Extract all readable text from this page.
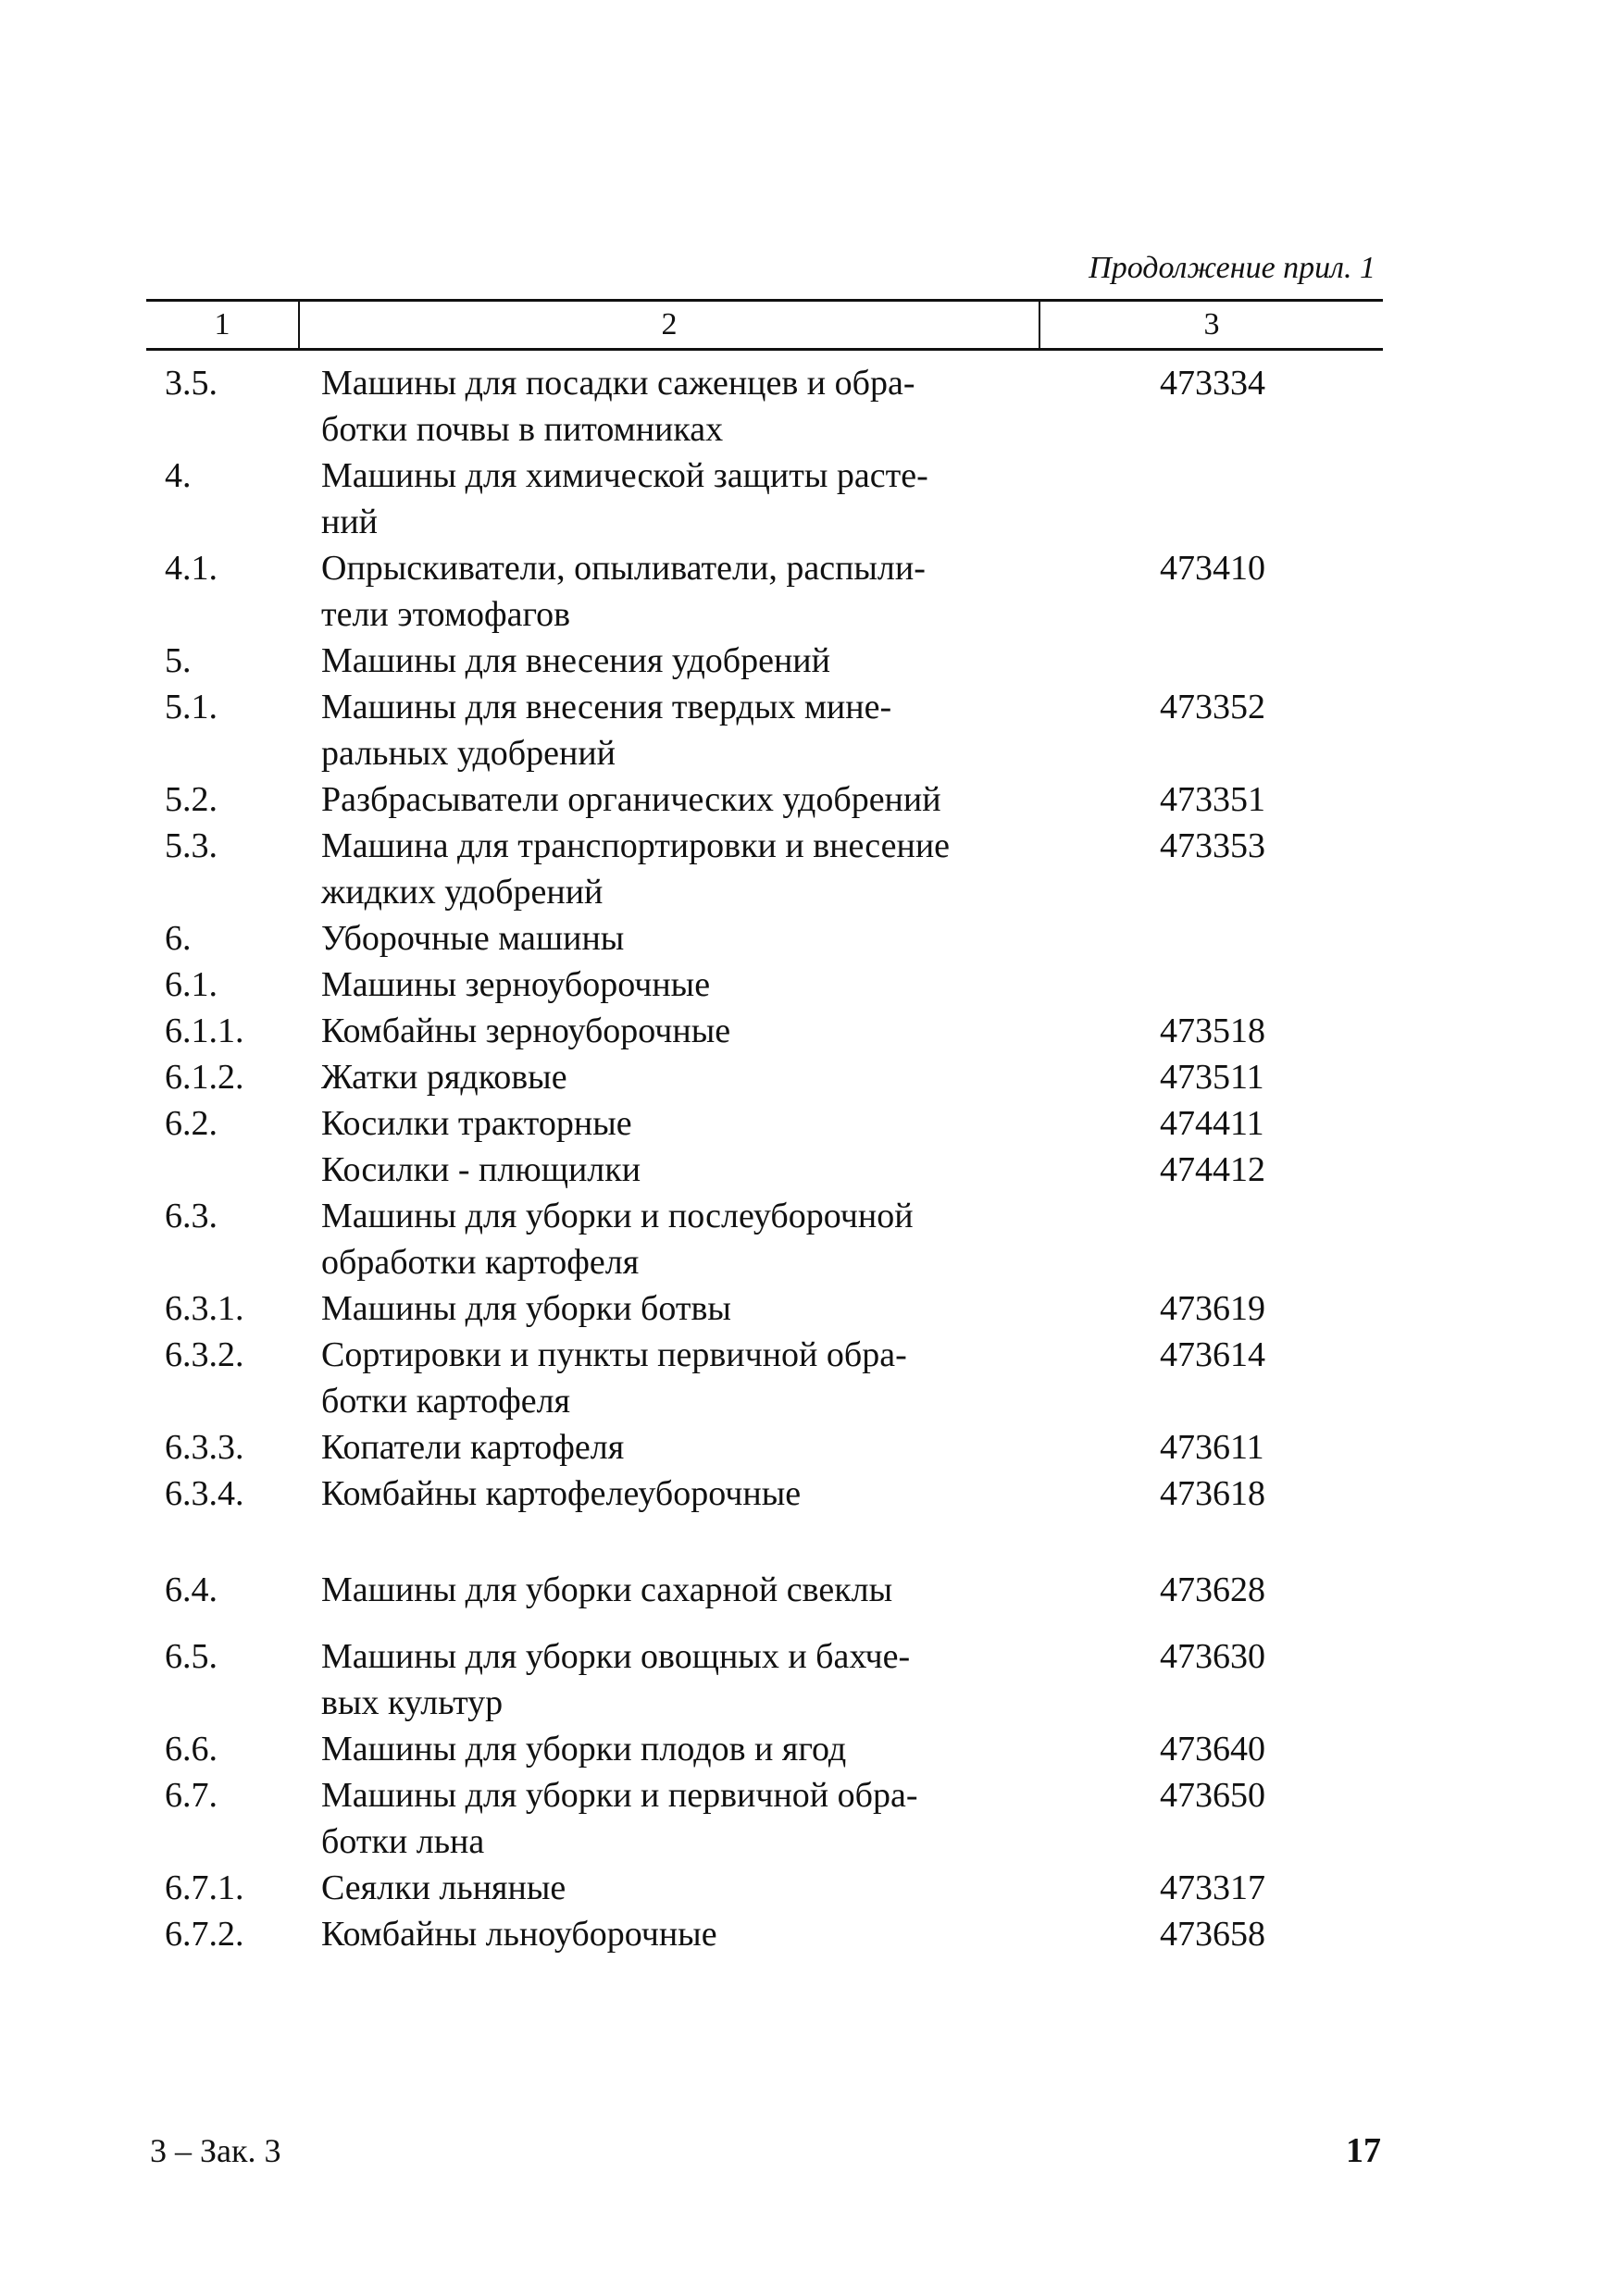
Продолжение прил. 1
1	2	3
3.5.	Машины для посадки саженцев и обра-
ботки почвы в питомниках	473334
4.	Машины для химической защиты расте-
ний	
4.1.	Опрыскиватели, опыливатели, распыли-
тели этомофагов	473410
5.	Машины для внесения удобрений	
5.1.	Машины для внесения твердых мине-
ральных удобрений	473352
5.2.	Разбрасыватели органических удобрений	473351
5.3.	Машина для транспортировки и внесение
жидких удобрений	473353
6.	Уборочные машины	
6.1.	Машины зерноуборочные	
6.1.1.	Комбайны зерноуборочные	473518
6.1.2.	Жатки рядковые	473511
6.2.	Косилки тракторные	474411
	Косилки - плющилки	474412
6.3.	Машины для уборки и послеуборочной
обработки картофеля	
6.3.1.	Машины для уборки ботвы	473619
6.3.2.	Сортировки и пункты первичной обра-
ботки картофеля	473614
6.3.3.	Копатели картофеля	473611
6.3.4.	Комбайны картофелеуборочные	473618
6.4.	Машины для уборки сахарной свеклы	473628
6.5.	Машины для уборки овощных и бахче-
вых культур	473630
6.6.	Машины для уборки плодов и ягод	473640
6.7.	Машины для уборки и первичной обра-
ботки льна	473650
6.7.1.	Сеялки льняные	473317
6.7.2.	Комбайны льноуборочные	473658
3 – Зак. 3	17
